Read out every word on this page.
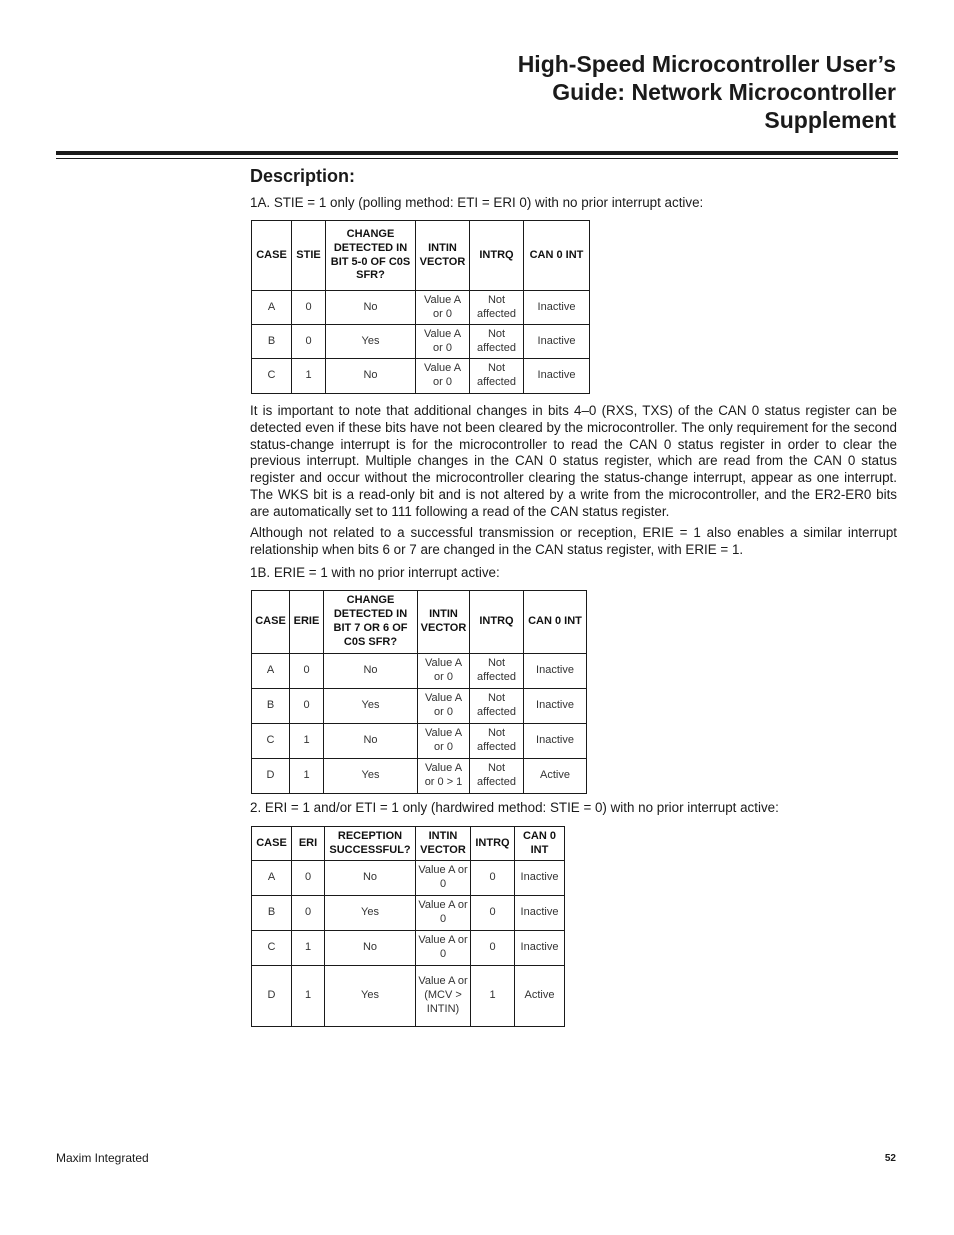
High-Speed Microcontroller User’s
Guide: Network Microcontroller
Supplement
Description:

1A. STIE = 1 only (polling method: ETI = ERI 0) with no prior interrupt active:

CASE	STIE	CHANGE DETECTED IN BIT 5-0 OF C0S SFR?	INTIN VECTOR	INTRQ	CAN 0 INT
A	0	No	Value A or 0	Not affected	Inactive
B	0	Yes	Value A or 0	Not affected	Inactive
C	1	No	Value A or 0	Not affected	Inactive

It is important to note that additional changes in bits 4–0 (RXS, TXS) of the CAN 0 status register can be detected even if these bits have not been cleared by the microcontroller. The only requirement for the second status-change interrupt is for the microcontroller to read the CAN 0 status register in order to clear the previous interrupt. Multiple changes in the CAN 0 status register, which are read from the CAN 0 status register and occur without the microcontroller clearing the status-change interrupt, appear as one interrupt. The WKS bit is a read-only bit and is not altered by a write from the microcontroller, and the ER2-ER0 bits are automatically set to 111 following a read of the CAN status register.

Although not related to a successful transmission or reception, ERIE = 1 also enables a similar interrupt relationship when bits 6 or 7 are changed in the CAN status register, with ERIE = 1.

1B. ERIE = 1 with no prior interrupt active:

CASE	ERIE	CHANGE DETECTED IN BIT 7 OR 6 OF C0S SFR?	INTIN VECTOR	INTRQ	CAN 0 INT
A	0	No	Value A or 0	Not affected	Inactive
B	0	Yes	Value A or 0	Not affected	Inactive
C	1	No	Value A or 0	Not affected	Inactive
D	1	Yes	Value A or 0 > 1	Not affected	Active

2. ERI = 1 and/or ETI = 1 only (hardwired method: STIE = 0) with no prior interrupt active:

CASE	ERI	RECEPTION SUCCESSFUL?	INTIN VECTOR	INTRQ	CAN 0 INT
A	0	No	Value A or 0	0	Inactive
B	0	Yes	Value A or 0	0	Inactive
C	1	No	Value A or 0	0	Inactive
D	1	Yes	Value A or (MCV > INTIN)	1	Active

Maxim Integrated	52
